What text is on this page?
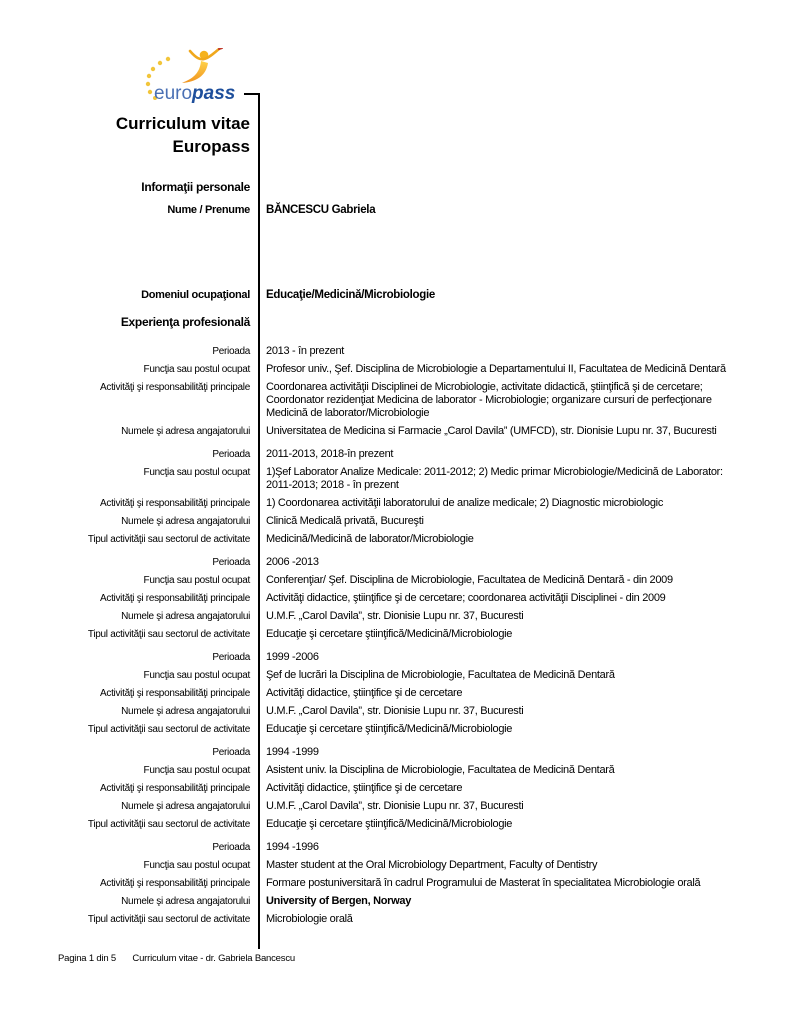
europass
Curriculum vitae
Europass
Informaţii personale
Nume / Prenume BĂNCESCU Gabriela
Domeniul ocupaţional Educaţie/Medicină/Microbiologie
Experienţa profesională
Perioada 2013 - în prezent
Funcţia sau postul ocupat Profesor univ., Şef. Disciplina de Microbiologie a Departamentului II, Facultatea de Medicină Dentară
Activităţi şi responsabilităţi principale Coordonarea activităţii Disciplinei de Microbiologie, activitate didactică, ştiinţifică şi de cercetare; Coordonator rezidenţiat Medicina de laborator - Microbiologie; organizare cursuri de perfecţionare Medicină de laborator/Microbiologie
Numele şi adresa angajatorului Universitatea de Medicina si Farmacie „Carol Davila” (UMFCD), str. Dionisie Lupu nr. 37, Bucuresti
Perioada 2011-2013, 2018-în prezent
Funcţia sau postul ocupat 1)Şef Laborator Analize Medicale: 2011-2012; 2) Medic primar Microbiologie/Medicină de Laborator: 2011-2013; 2018 - în prezent
Activităţi şi responsabilităţi principale 1) Coordonarea activităţii laboratorului de analize medicale; 2) Diagnostic microbiologic
Numele şi adresa angajatorului Clinică Medicală privată, Bucureşti
Tipul activităţii sau sectorul de activitate Medicină/Medicină de laborator/Microbiologie
Perioada 2006 -2013
Funcţia sau postul ocupat Conferenţiar/ Şef. Disciplina de Microbiologie, Facultatea de Medicină Dentară - din 2009
Activităţi şi responsabilităţi principale Activităţi didactice, ştiinţifice şi de cercetare; coordonarea activităţii Disciplinei - din 2009
Numele şi adresa angajatorului U.M.F. „Carol Davila”, str. Dionisie Lupu nr. 37, Bucuresti
Tipul activităţii sau sectorul de activitate Educaţie şi cercetare ştiinţifică/Medicină/Microbiologie
Perioada 1999 -2006
Funcţia sau postul ocupat Şef de lucrări la Disciplina de Microbiologie, Facultatea de Medicină Dentară
Activităţi şi responsabilităţi principale Activităţi didactice, ştiinţifice şi de cercetare
Numele şi adresa angajatorului U.M.F. „Carol Davila”, str. Dionisie Lupu nr. 37, Bucuresti
Tipul activităţii sau sectorul de activitate Educaţie şi cercetare ştiinţifică/Medicină/Microbiologie
Perioada 1994 -1999
Funcţia sau postul ocupat Asistent univ. la Disciplina de Microbiologie, Facultatea de Medicină Dentară
Activităţi şi responsabilităţi principale Activităţi didactice, ştiinţifice şi de cercetare
Numele şi adresa angajatorului U.M.F. „Carol Davila”, str. Dionisie Lupu nr. 37, Bucuresti
Tipul activităţii sau sectorul de activitate Educaţie şi cercetare ştiinţifică/Medicină/Microbiologie
Perioada 1994 -1996
Funcţia sau postul ocupat Master student at the Oral Microbiology Department, Faculty of Dentistry
Activităţi şi responsabilităţi principale Formare postuniversitară în cadrul Programului de Masterat în specialitatea Microbiologie orală
Numele şi adresa angajatorului University of Bergen, Norway
Tipul activităţii sau sectorul de activitate Microbiologie orală
Pagina 1 din 5 Curriculum vitae - dr. Gabriela Bancescu
